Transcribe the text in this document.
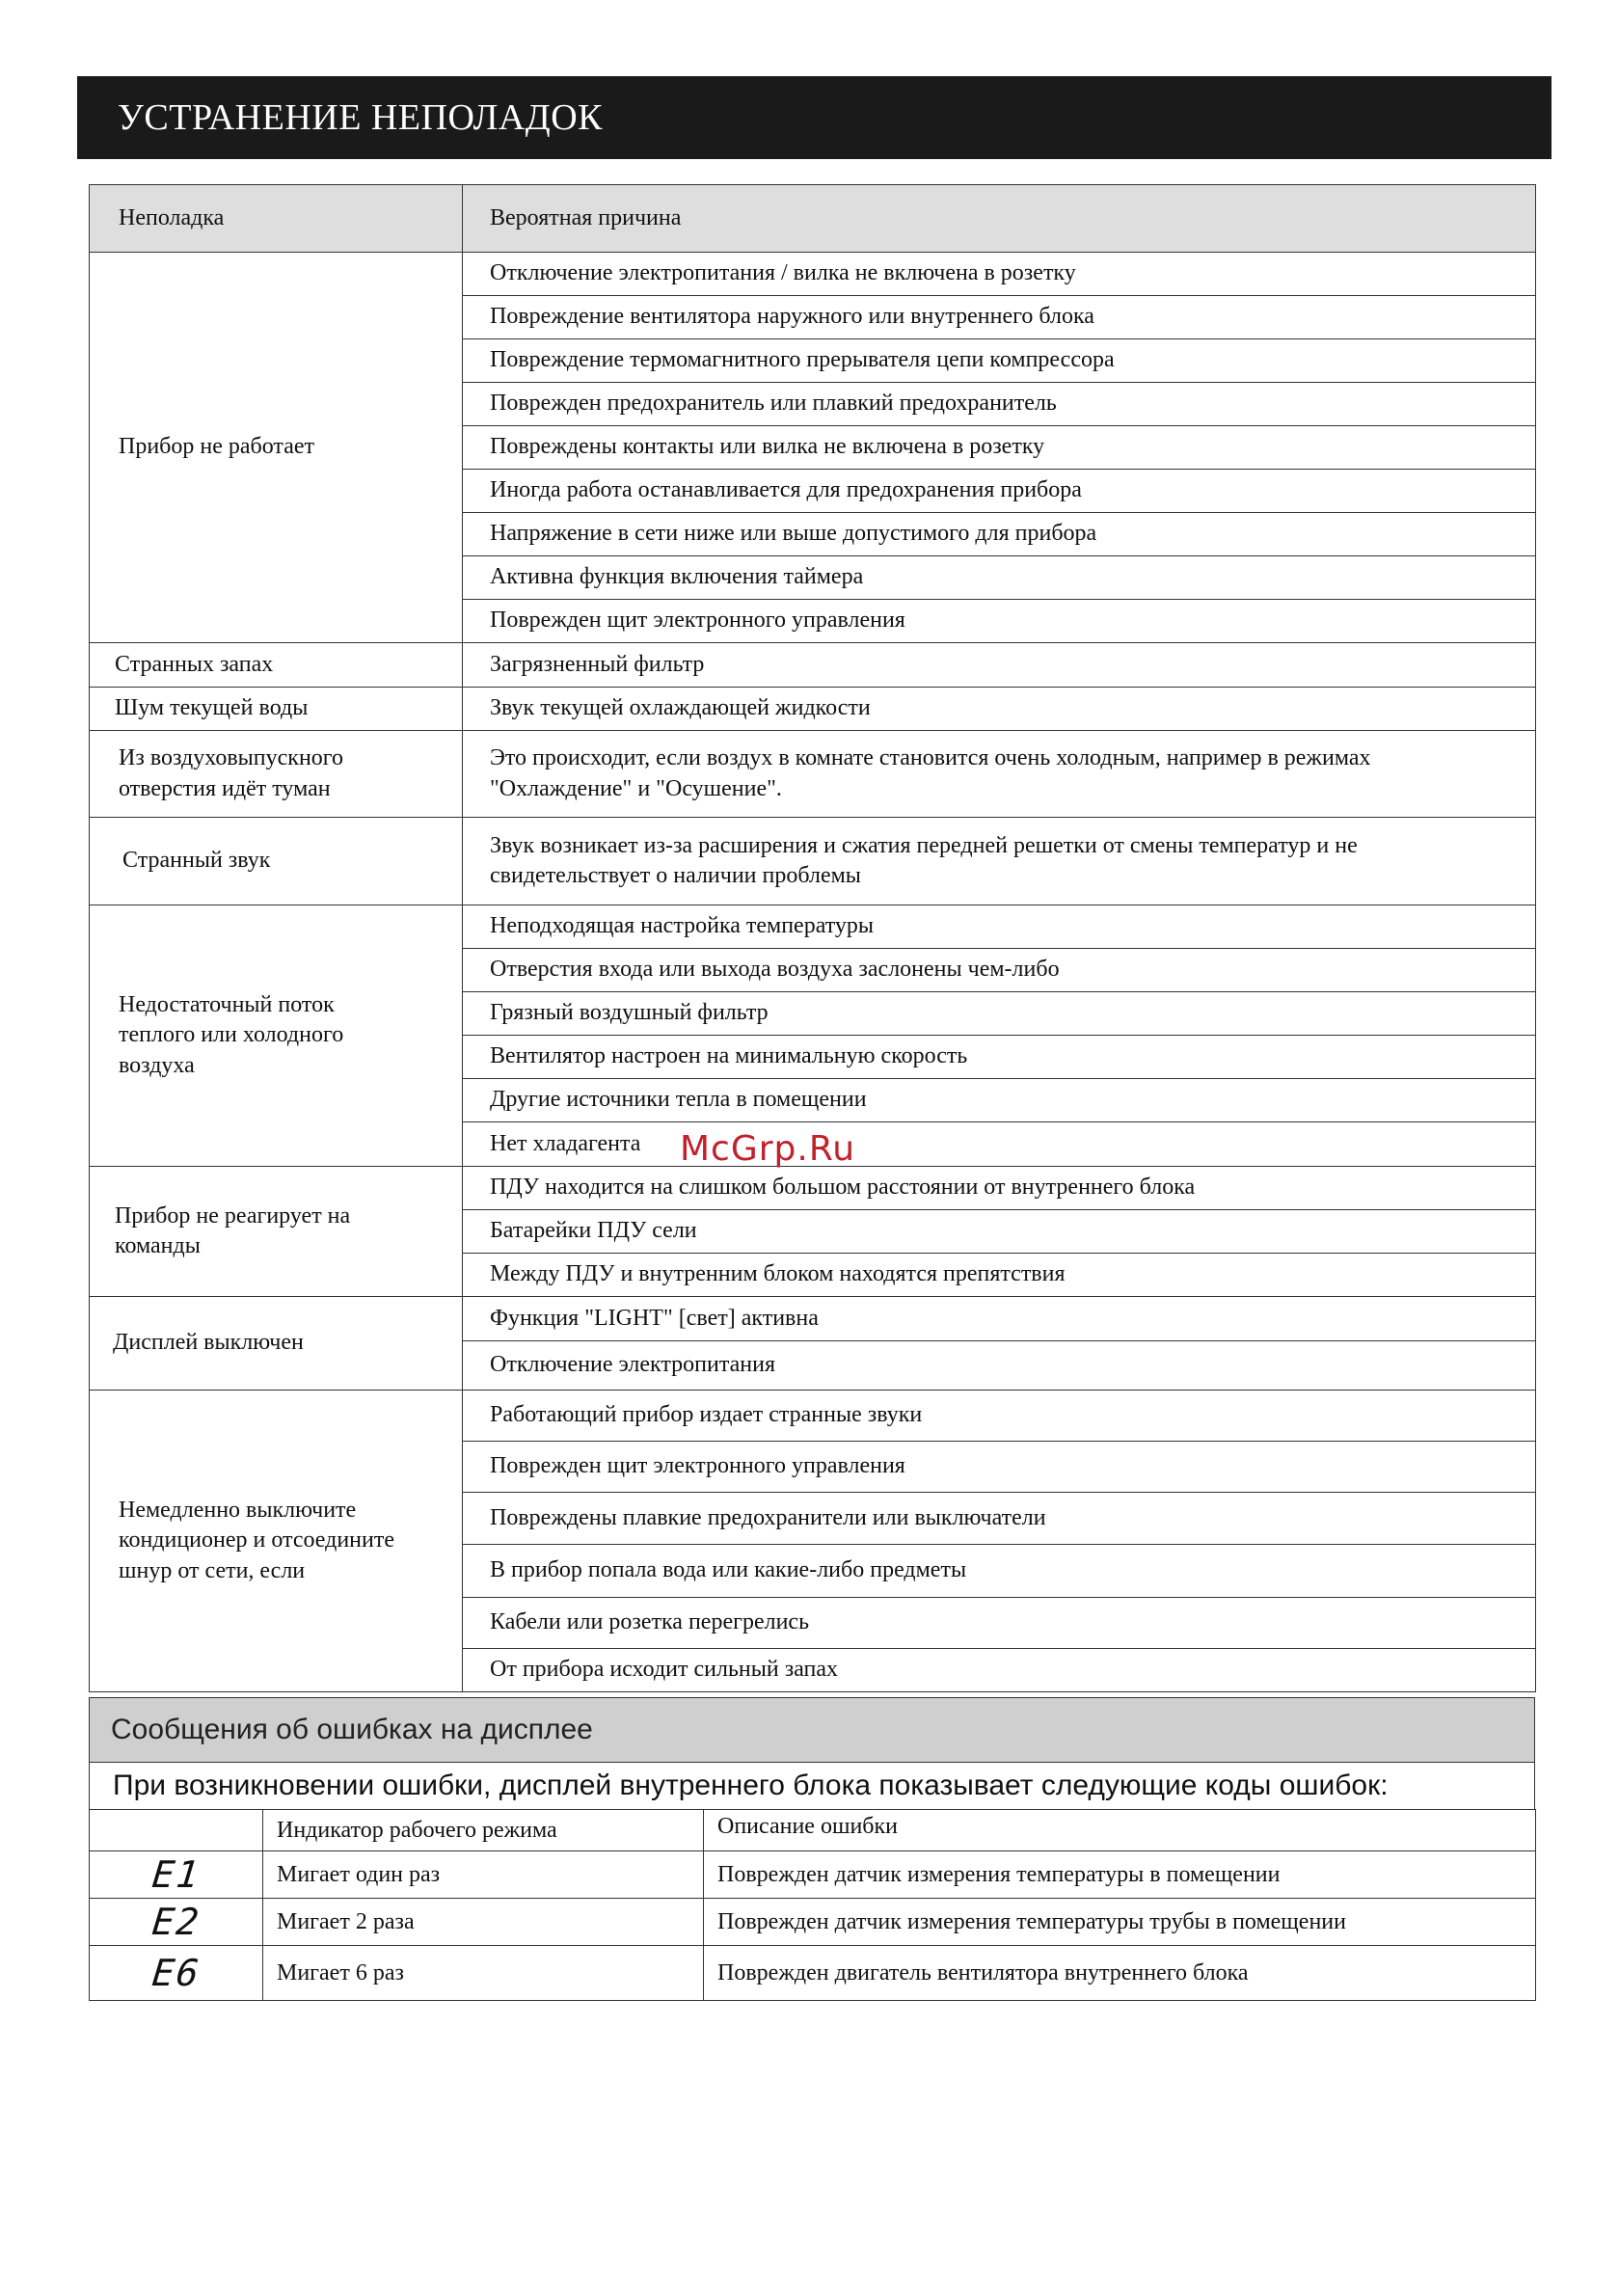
УСТРАНЕНИЕ НЕПОЛАДОК
Неполадка	Вероятная причина
Прибор не работает	Отключение электропитания / вилка не включена в розетку
	Повреждение вентилятора наружного или внутреннего блока
	Повреждение термомагнитного прерывателя цепи компрессора
	Поврежден предохранитель или плавкий предохранитель
	Повреждены контакты или вилка не включена в розетку
	Иногда работа останавливается для предохранения прибора
	Напряжение в сети ниже или выше допустимого для прибора
	Активна функция включения таймера
	Поврежден щит электронного управления
Странных запах	Загрязненный фильтр
Шум текущей воды	Звук текущей охлаждающей жидкости
Из воздуховыпускного отверстия идёт туман	Это происходит, если воздух в комнате становится очень холодным, например в режимах "Охлаждение" и "Осушение".
Странный звук	Звук возникает из-за расширения и сжатия передней решетки от смены температур и не свидетельствует о наличии проблемы
Недостаточный поток теплого или холодного воздуха	Неподходящая настройка температуры
	Отверстия входа или выхода воздуха заслонены чем-либо
	Грязный воздушный фильтр
	Вентилятор настроен на минимальную скорость
	Другие источники тепла в помещении
	Нет хладагента
Прибор не реагирует на команды	ПДУ находится на слишком большом расстоянии от внутреннего блока
	Батарейки ПДУ сели
	Между ПДУ и внутренним блоком находятся препятствия
Дисплей выключен	Функция "LIGHT" [свет] активна
	Отключение электропитания
Немедленно выключите кондиционер и отсоедините шнур от сети, если	Работающий прибор издает странные звуки
	Поврежден щит электронного управления
	Повреждены плавкие предохранители или выключатели
	В прибор попала вода или какие-либо предметы
	Кабели или розетка перегрелись
	От прибора исходит сильный запах
McGrp.Ru
Сообщения об ошибках на дисплее
При возникновении ошибки, дисплей внутреннего блока показывает следующие коды ошибок:
	Индикатор рабочего режима	Описание ошибки
E1	Мигает один раз	Поврежден датчик измерения температуры в помещении
E2	Мигает 2 раза	Поврежден датчик измерения температуры трубы в помещении
E6	Мигает 6 раз	Поврежден двигатель вентилятора внутреннего блока
